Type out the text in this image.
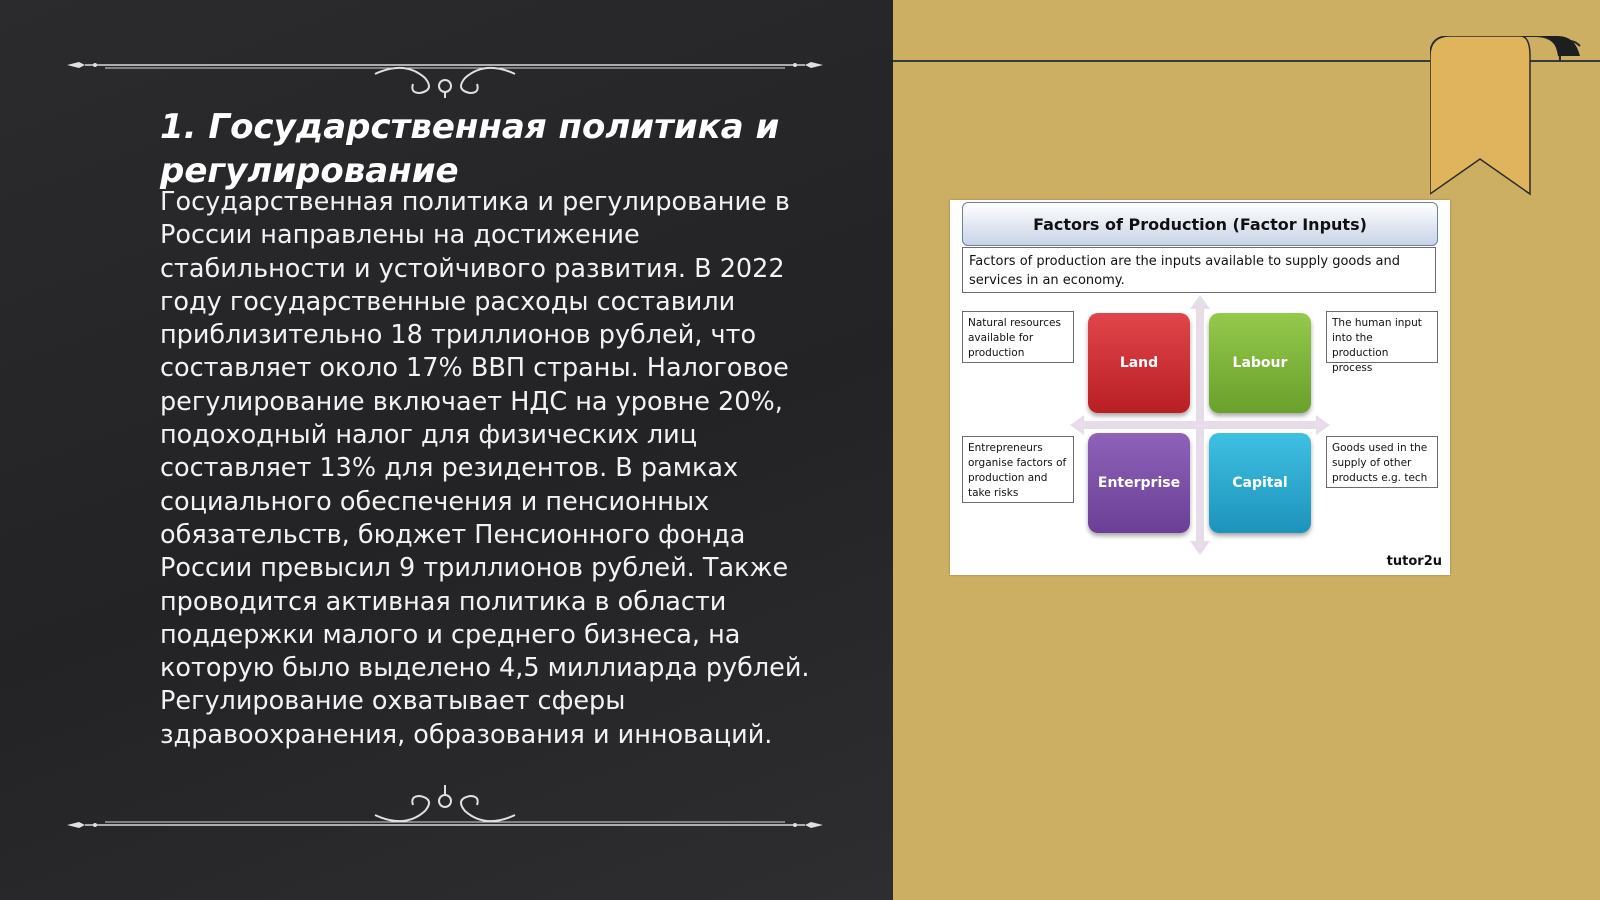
1. Государственная политика и регулирование

Государственная политика и регулирование в России направлены на достижение стабильности и устойчивого развития. В 2022 году государственные расходы составили приблизительно 18 триллионов рублей, что составляет около 17% ВВП страны. Налоговое регулирование включает НДС на уровне 20%, подоходный налог для физических лиц составляет 13% для резидентов. В рамках социального обеспечения и пенсионных обязательств, бюджет Пенсионного фонда России превысил 9 триллионов рублей. Также проводится активная политика в области поддержки малого и среднего бизнеса, на которую было выделено 4,5 миллиарда рублей. Регулирование охватывает сферы здравоохранения, образования и инноваций.

Factors of Production (Factor Inputs)
Factors of production are the inputs available to supply goods and services in an economy.
Land	Labour
Enterprise	Capital
Natural resources available for production
The human input into the production process
Entrepreneurs organise factors of production and take risks
Goods used in the supply of other products e.g. tech
tutor2u
